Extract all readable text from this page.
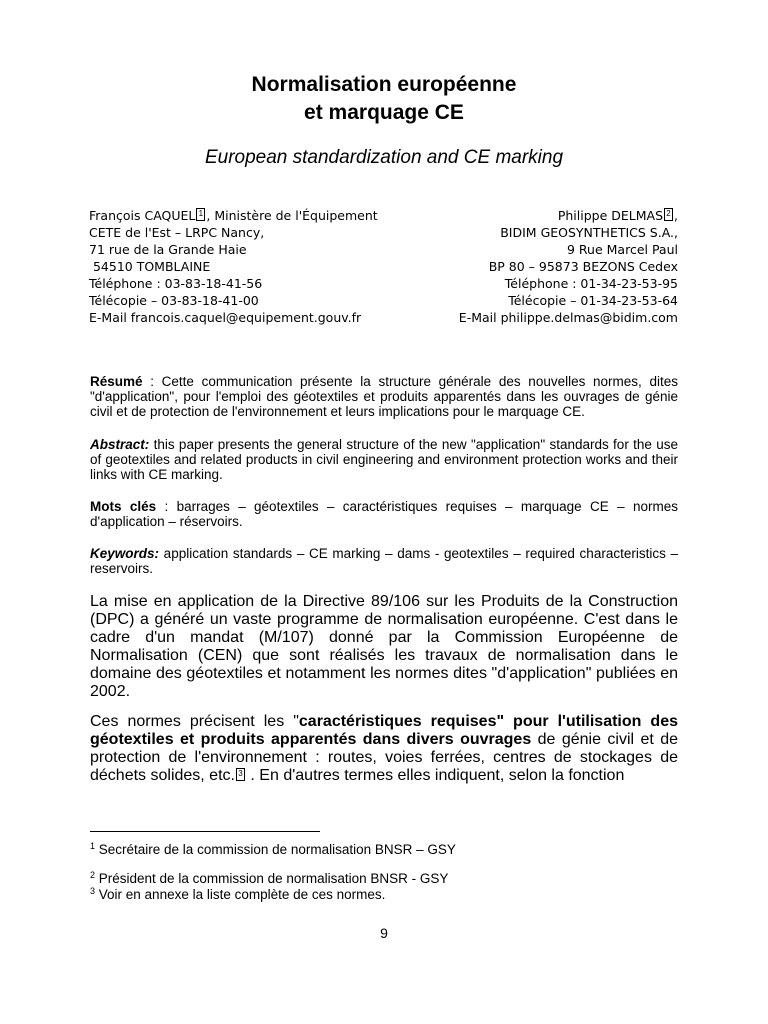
Normalisation européenne
et marquage CE
European standardization and CE marking
François CAQUEL 1 , Ministère de l'Équipement
CETE de l'Est – LRPC Nancy,
71 rue de la Grande Haie
54510 TOMBLAINE
Téléphone : 03-83-18-41-56
Télécopie – 03-83-18-41-00
E-Mail francois.caquel@equipement.gouv.fr
Philippe DELMAS 2 ,
BIDIM GEOSYNTHETICS S.A.,
9 Rue Marcel Paul
BP 80 – 95873 BEZONS Cedex
Téléphone : 01-34-23-53-95
Télécopie – 01-34-23-53-64
E-Mail philippe.delmas@bidim.com

Résumé : Cette communication présente la structure générale des nouvelles normes, dites "d'application", pour l'emploi des géotextiles et produits apparentés dans les ouvrages de génie civil et de protection de l'environnement et leurs implications pour le marquage CE.

Abstract: this paper presents the general structure of the new "application" standards for the use of geotextiles and related products in civil engineering and environment protection works and their links with CE marking.

Mots clés : barrages – géotextiles – caractéristiques requises – marquage CE – normes d'application – réservoirs.

Keywords: application standards – CE marking – dams - geotextiles – required characteristics – reservoirs.

La mise en application de la Directive 89/106 sur les Produits de la Construction (DPC) a généré un vaste programme de normalisation européenne. C'est dans le cadre d'un mandat (M/107) donné par la Commission Européenne de Normalisation (CEN) que sont réalisés les travaux de normalisation dans le domaine des géotextiles et notamment les normes dites "d'application" publiées en 2002.

Ces normes précisent les "caractéristiques requises" pour l'utilisation des géotextiles et produits apparentés dans divers ouvrages de génie civil et de protection de l'environnement : routes, voies ferrées, centres de stockages de déchets solides, etc. 3 . En d'autres termes elles indiquent, selon la fonction

$^1$ Secrétaire de la commission de normalisation BNSR – GSY
$^2$ Président de la commission de normalisation BNSR - GSY
$^3$ Voir en annexe la liste complète de ces normes.
9
